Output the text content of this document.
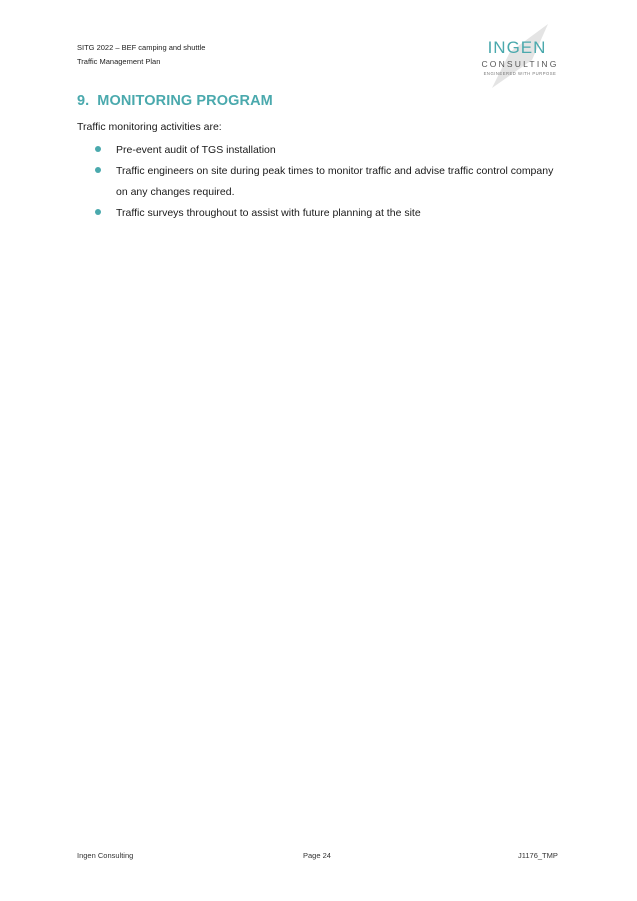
SITG 2022 – BEF camping and shuttle
Traffic Management Plan
INGEN
CONSULTING
ENGINEERED WITH PURPOSE
9. MONITORING PROGRAM
Traffic monitoring activities are:
Pre-event audit of TGS installation
Traffic engineers on site during peak times to monitor traffic and advise traffic control company on any changes required.
Traffic surveys throughout to assist with future planning at the site
Ingen Consulting	Page 24	J1176_TMP
